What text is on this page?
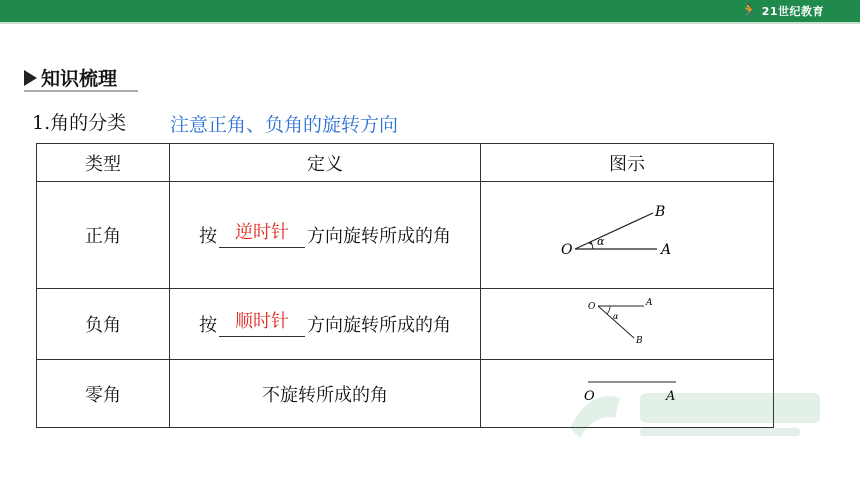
🏃 21世纪教育
知识梳理
1.角的分类 注意正角、负角的旋转方向
类型	定义	图示
正角	按 逆时针 方向旋转所成的角	O A
B
α

负角	按 顺时针 方向旋转所成的角	O A
B
α

零角	不旋转所成的角	O A
